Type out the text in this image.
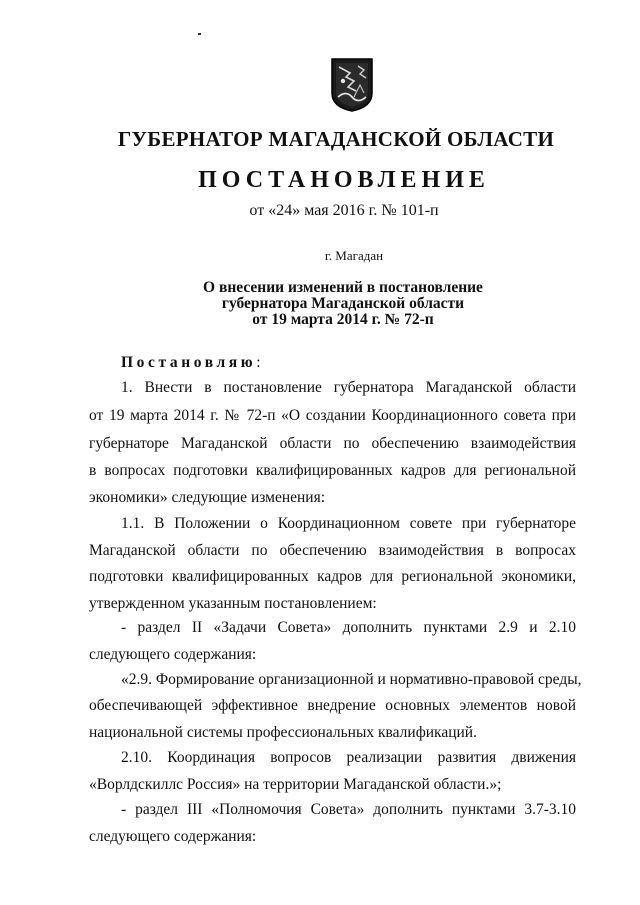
ГУБЕРНАТОР МАГАДАНСКОЙ ОБЛАСТИ
ПОСТАНОВЛЕНИЕ
от «24» мая 2016 г. № 101-п
г. Магадан
О внесении изменений в постановление
губернатора Магаданской области
от 19 марта 2014 г. № 72-п
Постановляю:
1. Внести в постановление губернатора Магаданской области
от 19 марта 2014 г. № 72-п «О создании Координационного совета при
губернаторе Магаданской области по обеспечению взаимодействия
в вопросах подготовки квалифицированных кадров для региональной
экономики» следующие изменения:
1.1. В Положении о Координационном совете при губернаторе
Магаданской области по обеспечению взаимодействия в вопросах
подготовки квалифицированных кадров для региональной экономики,
утвержденном указанным постановлением:
- раздел II «Задачи Совета» дополнить пунктами 2.9 и 2.10
следующего содержания:
«2.9. Формирование организационной и нормативно-правовой среды,
обеспечивающей эффективное внедрение основных элементов новой
национальной системы профессиональных квалификаций.
2.10. Координация вопросов реализации развития движения
«Ворлдскиллс Россия» на территории Магаданской области.»;
- раздел III «Полномочия Совета» дополнить пунктами 3.7-3.10
следующего содержания:
